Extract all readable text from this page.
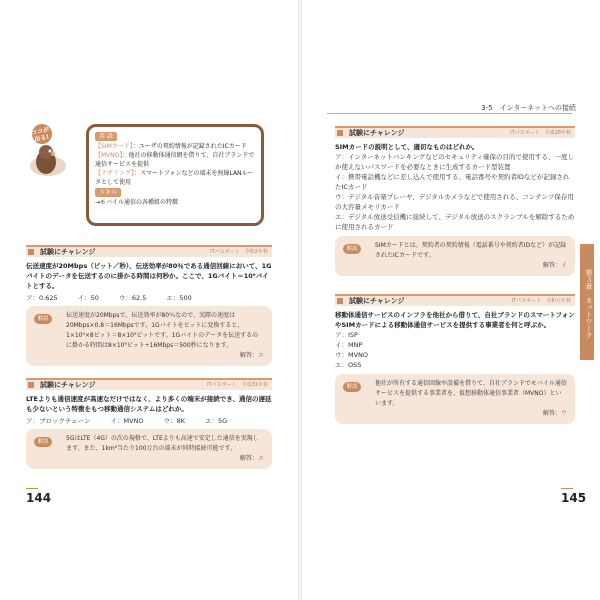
3-5　インターネットへの接続
第３章　ネットワーク
ココが出る!	用 語
【SIMカード】：ユーザの契約情報が記録されたICカード
【MVNO】：他社の移動体通信網を借りて、自社ブランドで通信サービスを提供
【テザリング】：スマートフォンなどの端末を無線LANルータとして使用
スキル
→モバイル通信の各種組の特徴
試験にチャレンジ	ITパスポート　令和2年秋
伝送速度が20Mbps（ビット／秒）、伝送効率が80％である通信回線において、1Gバイトのデータを伝送するのに掛かる時間は何秒か。ここで、1Gバイト＝10⁹バイトとする。
ア：0.625	イ：50	ウ：62.5	エ：500
解説	伝送速度が20Mbpsで、伝送効率が80％なので、実際の速度は20Mbps×0.8＝16Mbpsです。1Gバイトをビットに変換すると、1×10⁹×8ビット＝8×10⁹ビットです。1Gバイトのデータを伝送するのに掛かる時間は8×10⁹ビット÷16Mbps＝500秒になります。
解答：エ
試験にチャレンジ	ITパスポート　平成31年春
LTEよりも通信速度が高速なだけではなく、より多くの端末が接続でき、通信の遅延も少ないという特徴をもつ移動通信システムはどれか。
ア：ブロックチェーン	イ：MVNO	ウ：8K	エ：5G
解説	5GはLTE（4G）の次の規格で、LTEよりも高速で安定した通信を実現します。また、1km²当たり100万台の端末が同時接続可能です。
解答：エ
試験にチャレンジ	ITパスポート　平成28年秋
SIMカードの説明として、適切なものはどれか。
ア：インターネットバンキングなどのセキュリティ確保の目的で使用する、一度しか使えないパスワードを必要なときに生成するカード型装置
イ：携帯電話機などに差し込んで使用する、電話番号や契約者IDなどが記録されたICカード
ウ：デジタル音楽プレーヤ、デジタルカメラなどで使用される、コンテンツ保存用の大容量メモリカード
エ：デジタル放送受信機に接続して、デジタル放送のスクランブルを解除するために使用されるカード
解説	SIMカードとは、契約者の契約情報（電話番号や契約者IDなど）が記録されたICカードです。
解答：イ
試験にチャレンジ	ITパスポート　令和元年秋
移動体通信サービスのインフラを他社から借りて、自社ブランドのスマートフォンやSIMカードによる移動体通信サービスを提供する事業者を何と呼ぶか。
ア：ISP
イ：MNP
ウ：MVNO
エ：OSS
解説	他社が所有する通信回線や設備を借りて、自社ブランドでモバイル通信サービスを提供する事業者を、仮想移動体通信事業者（MVNO）といいます。
解答：ウ
144	145
